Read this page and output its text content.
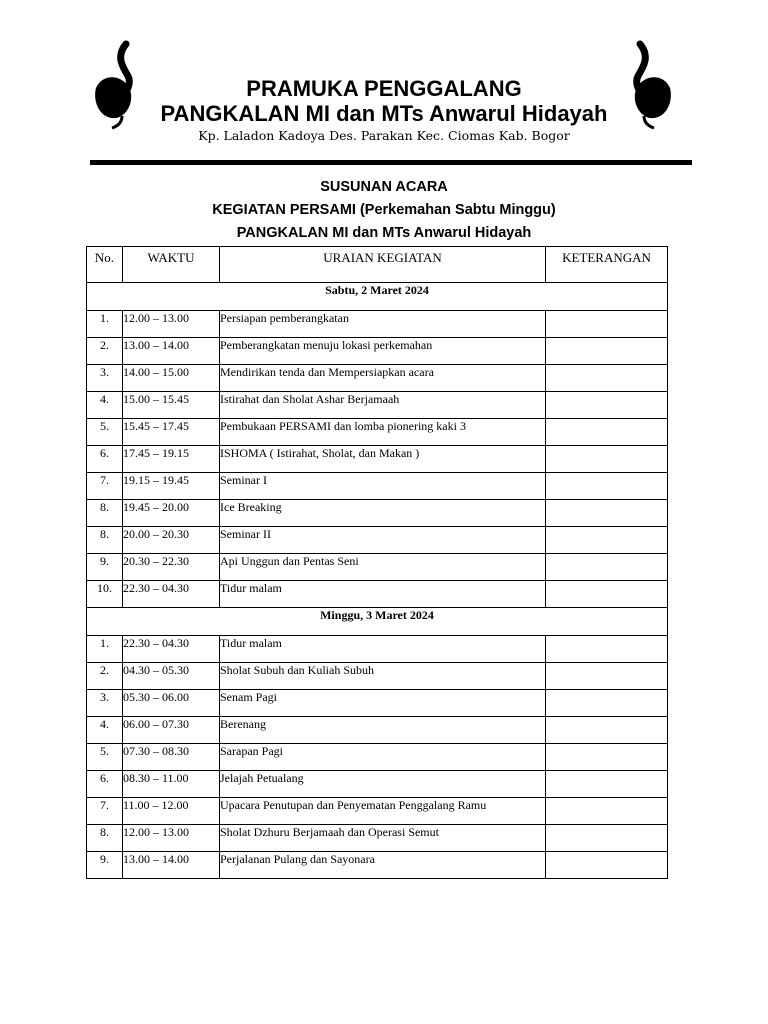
PRAMUKA PENGGALANG
PANGKALAN MI dan MTs Anwarul Hidayah
Kp. Laladon Kadoya Des. Parakan Kec. Ciomas Kab. Bogor
SUSUNAN ACARA
KEGIATAN PERSAMI (Perkemahan Sabtu Minggu)
PANGKALAN MI dan MTs Anwarul Hidayah
No.	WAKTU	URAIAN KEGIATAN	KETERANGAN
Sabtu, 2 Maret 2024			
1.	12.00 – 13.00	Persiapan pemberangkatan	
2.	13.00 – 14.00	Pemberangkatan menuju lokasi perkemahan	
3.	14.00 – 15.00	Mendirikan tenda dan Mempersiapkan acara	
4.	15.00 – 15.45	Istirahat dan Sholat Ashar Berjamaah	
5.	15.45 – 17.45	Pembukaan PERSAMI dan lomba pionering kaki 3	
6.	17.45 – 19.15	ISHOMA ( Istirahat, Sholat, dan Makan )	
7.	19.15 – 19.45	Seminar I	
8.	19.45 – 20.00	Ice Breaking	
8.	20.00 – 20.30	Seminar II	
9.	20.30 – 22.30	Api Unggun dan Pentas Seni	
10.	22.30 – 04.30	Tidur malam	
Minggu, 3 Maret 2024			
1.	22.30 – 04.30	Tidur malam	
2.	04.30 – 05.30	Sholat Subuh dan Kuliah Subuh	
3.	05.30 – 06.00	Senam Pagi	
4.	06.00 – 07.30	Berenang	
5.	07.30 – 08.30	Sarapan Pagi	
6.	08.30 – 11.00	Jelajah Petualang	
7.	11.00 – 12.00	Upacara Penutupan dan Penyematan Penggalang Ramu	
8.	12.00 – 13.00	Sholat Dzhuru Berjamaah dan Operasi Semut	
9.	13.00 – 14.00	Perjalanan Pulang dan Sayonara	
